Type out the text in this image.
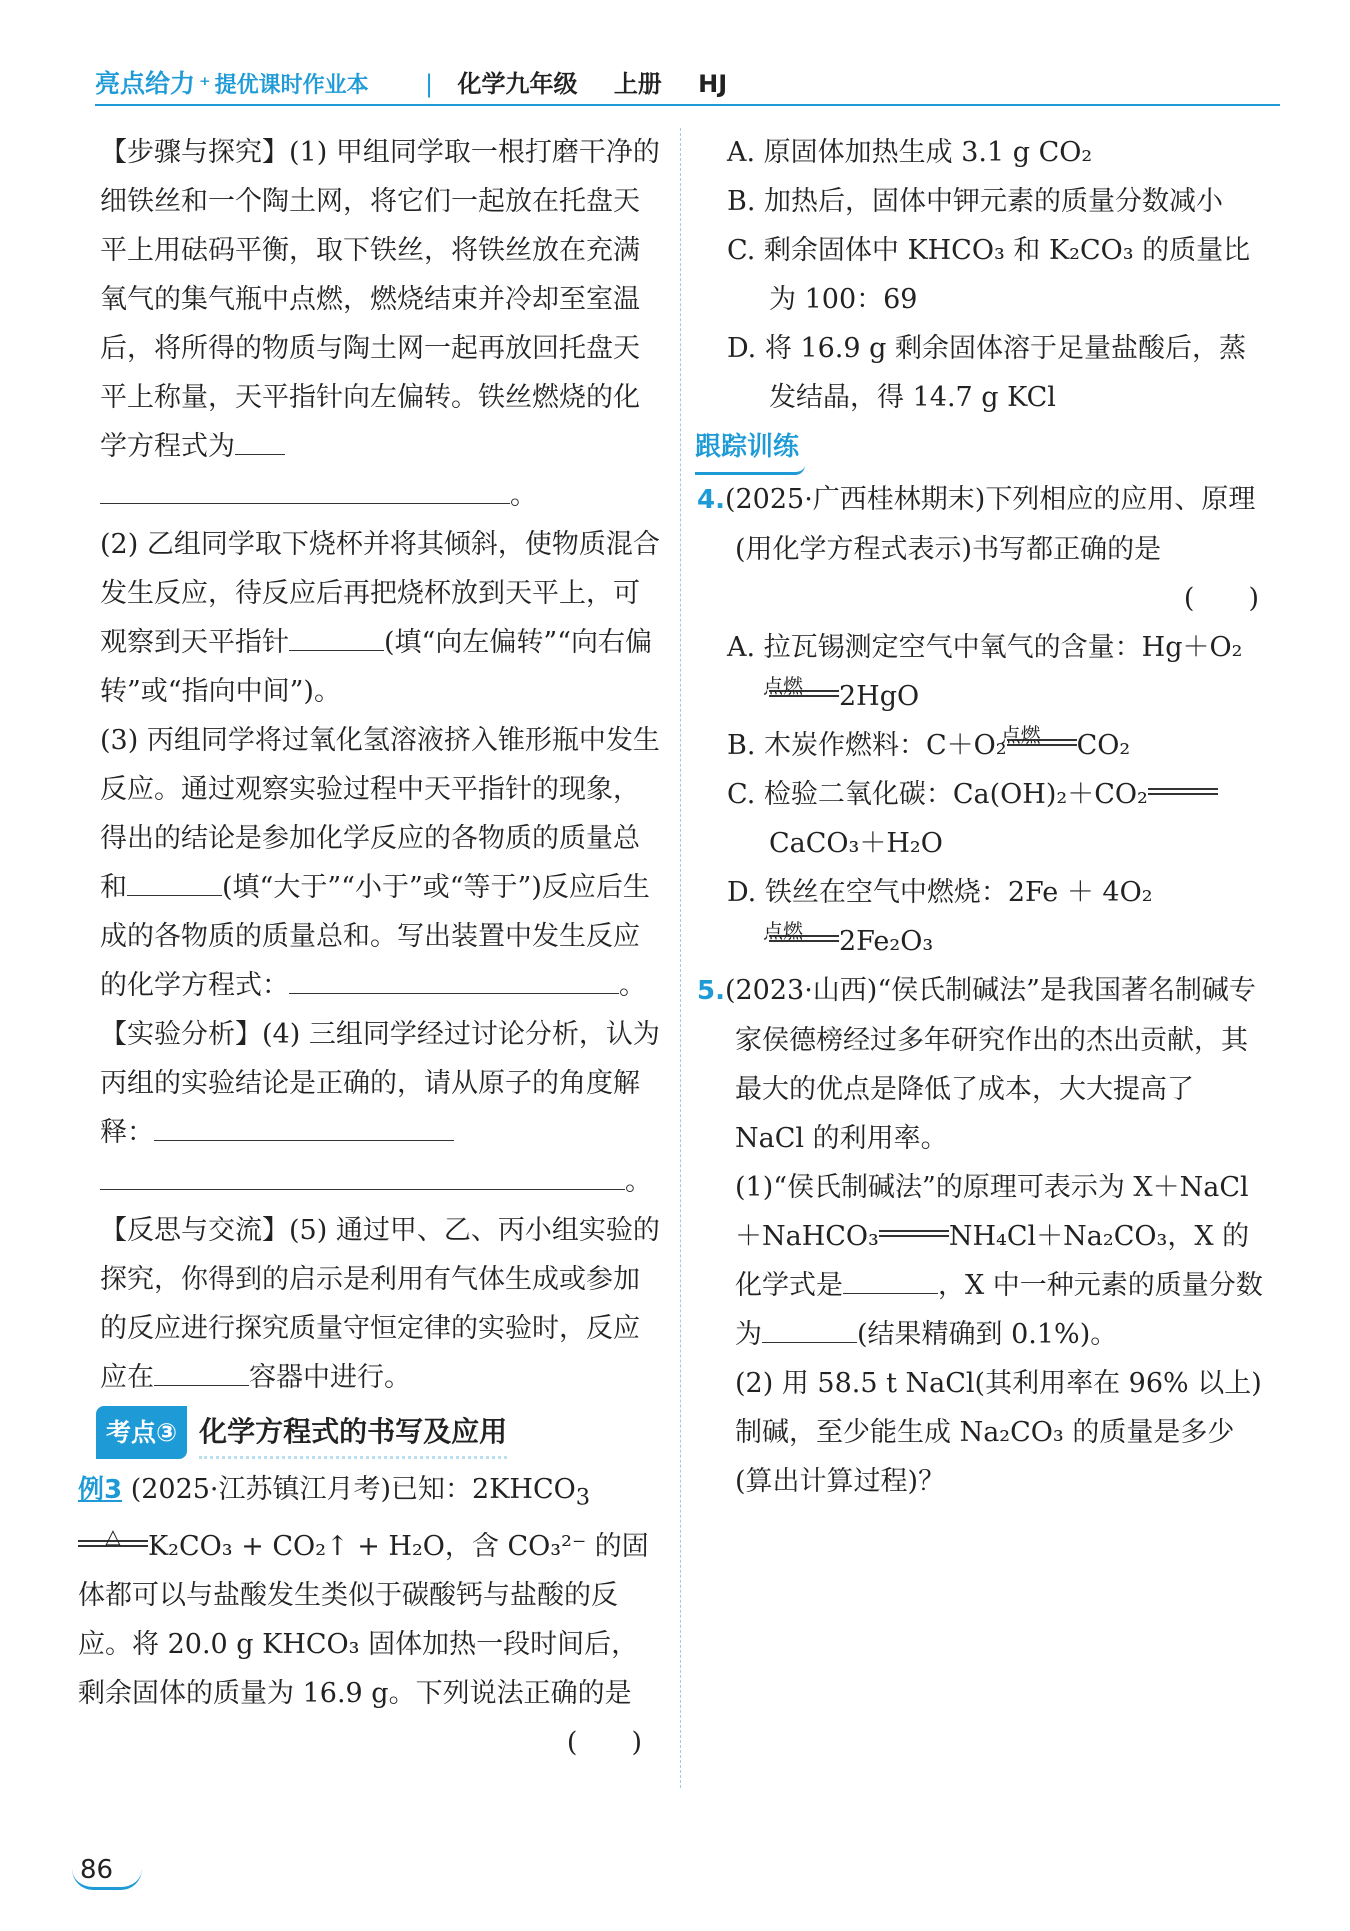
亮点给力 ⁺ 提优课时作业本 | 化学九年级 上册 HJ

【步骤与探究】(1) 甲组同学取一根打磨干净的细铁丝和一个陶土网，将它们一起放在托盘天平上用砝码平衡，取下铁丝，将铁丝放在充满氧气的集气瓶中点燃，燃烧结束并冷却至室温后，将所得的物质与陶土网一起再放回托盘天平上称量，天平指针向左偏转。铁丝燃烧的化学方程式为

。

(2) 乙组同学取下烧杯并将其倾斜，使物质混合发生反应，待反应后再把烧杯放到天平上，可观察到天平指针	(填“向左偏转”“向右偏转”或“指向中间”)。

(3) 丙组同学将过氧化氢溶液挤入锥形瓶中发生反应。通过观察实验过程中天平指针的现象，得出的结论是参加化学反应的各物质的质量总和	(填“大于”“小于”或“等于”)反应后生成的各物质的质量总和。写出装置中发生反应的化学方程式：	。

【实验分析】(4) 三组同学经过讨论分析，认为丙组的实验结论是正确的，请从原子的角度解释：

。

【反思与交流】(5) 通过甲、乙、丙小组实验的探究，你得到的启示是利用有气体生成或参加的反应进行探究质量守恒定律的实验时，反应应在	容器中进行。

考点③ 化学方程式的书写及应用

例3 (2025·江苏镇江月考)已知：$2KHCO_3$

△	K₂CO₃ + CO₂↑ + H₂O，含 CO₃²⁻ 的固体都可以与盐酸发生类似于碳酸钙与盐酸的反应。将 20.0 g KHCO₃ 固体加热一段时间后，剩余固体的质量为 16.9 g。下列说法正确的是
(　　)

A. 原固体加热生成 3.1 g CO₂

B. 加热后，固体中钾元素的质量分数减小

C. 剩余固体中 KHCO₃ 和 K₂CO₃ 的质量比为 100：69

D. 将 16.9 g 剩余固体溶于足量盐酸后，蒸发结晶，得 14.7 g KCl

跟踪训练

4.(2025·广西桂林期末)下列相应的应用、原理(用化学方程式表示)书写都正确的是

(　　)

A. 拉瓦锡测定空气中氧气的含量：Hg＋O₂

点燃	2HgO

B. 木炭作燃料：C＋O₂
点燃	CO₂

C. 检验二氧化碳：Ca(OH)₂＋CO₂

CaCO₃＋H₂O

D. 铁丝在空气中燃烧：2Fe ＋ 4O₂

点燃	2Fe₂O₃

5.(2023·山西)“侯氏制碱法”是我国著名制碱专家侯德榜经过多年研究作出的杰出贡献，其最大的优点是降低了成本，大大提高了 NaCl 的利用率。

(1)“侯氏制碱法”的原理可表示为 X＋NaCl＋NaHCO₃	NH₄Cl＋Na₂CO₃，X 的化学式是	，X 中一种元素的质量分数为	(结果精确到 0.1%)。

(2) 用 58.5 t NaCl(其利用率在 96% 以上)制碱，至少能生成 Na₂CO₃ 的质量是多少(算出计算过程)？

86
